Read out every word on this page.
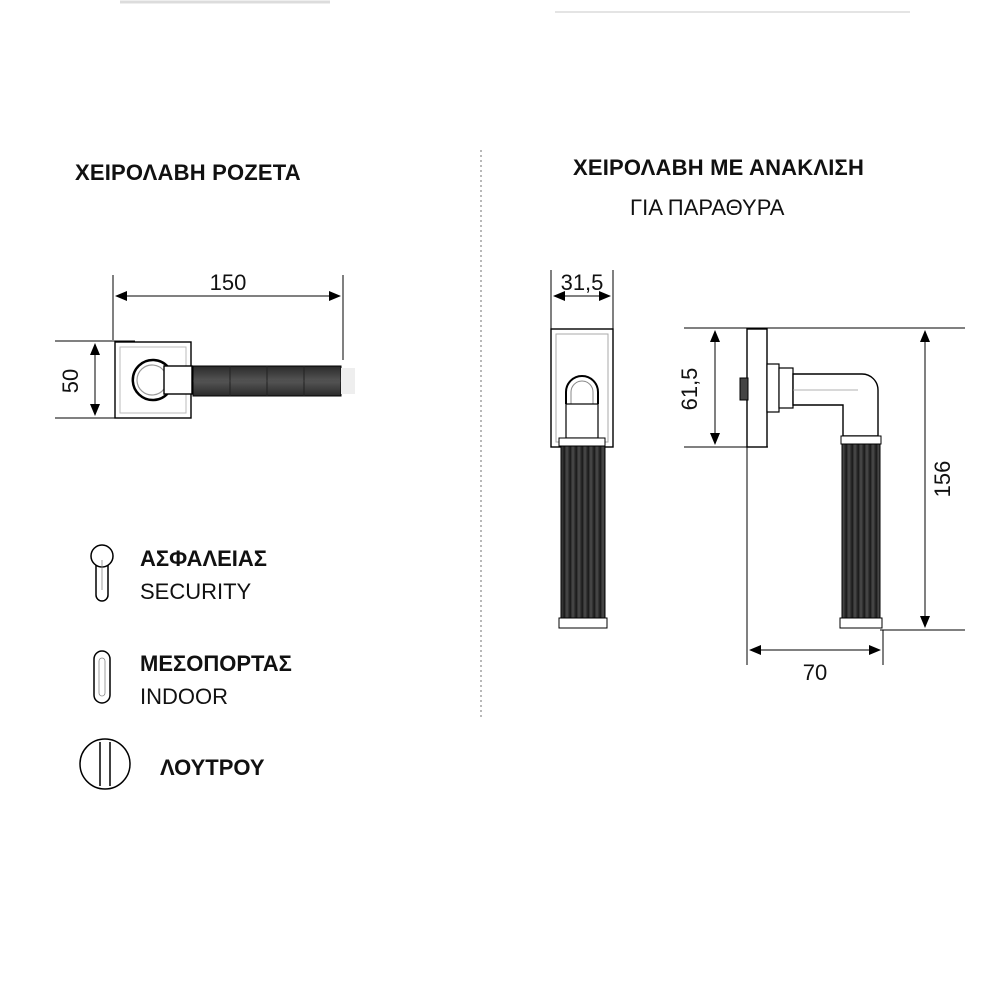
ΧΕΙΡΟΛΑΒΗ ΡΟΖΕΤΑ
150
50
ΑΣΦΑΛΕΙΑΣ
SECURITY
ΜΕΣΟΠΟΡΤΑΣ
INDOOR
ΛΟΥΤΡΟΥ
ΧΕΙΡΟΛΑΒΗ ΜΕ ΑΝΑΚΛΙΣΗ
ΓΙΑ ΠΑΡΑΘΥΡΑ
31,5
61,5
156
70
